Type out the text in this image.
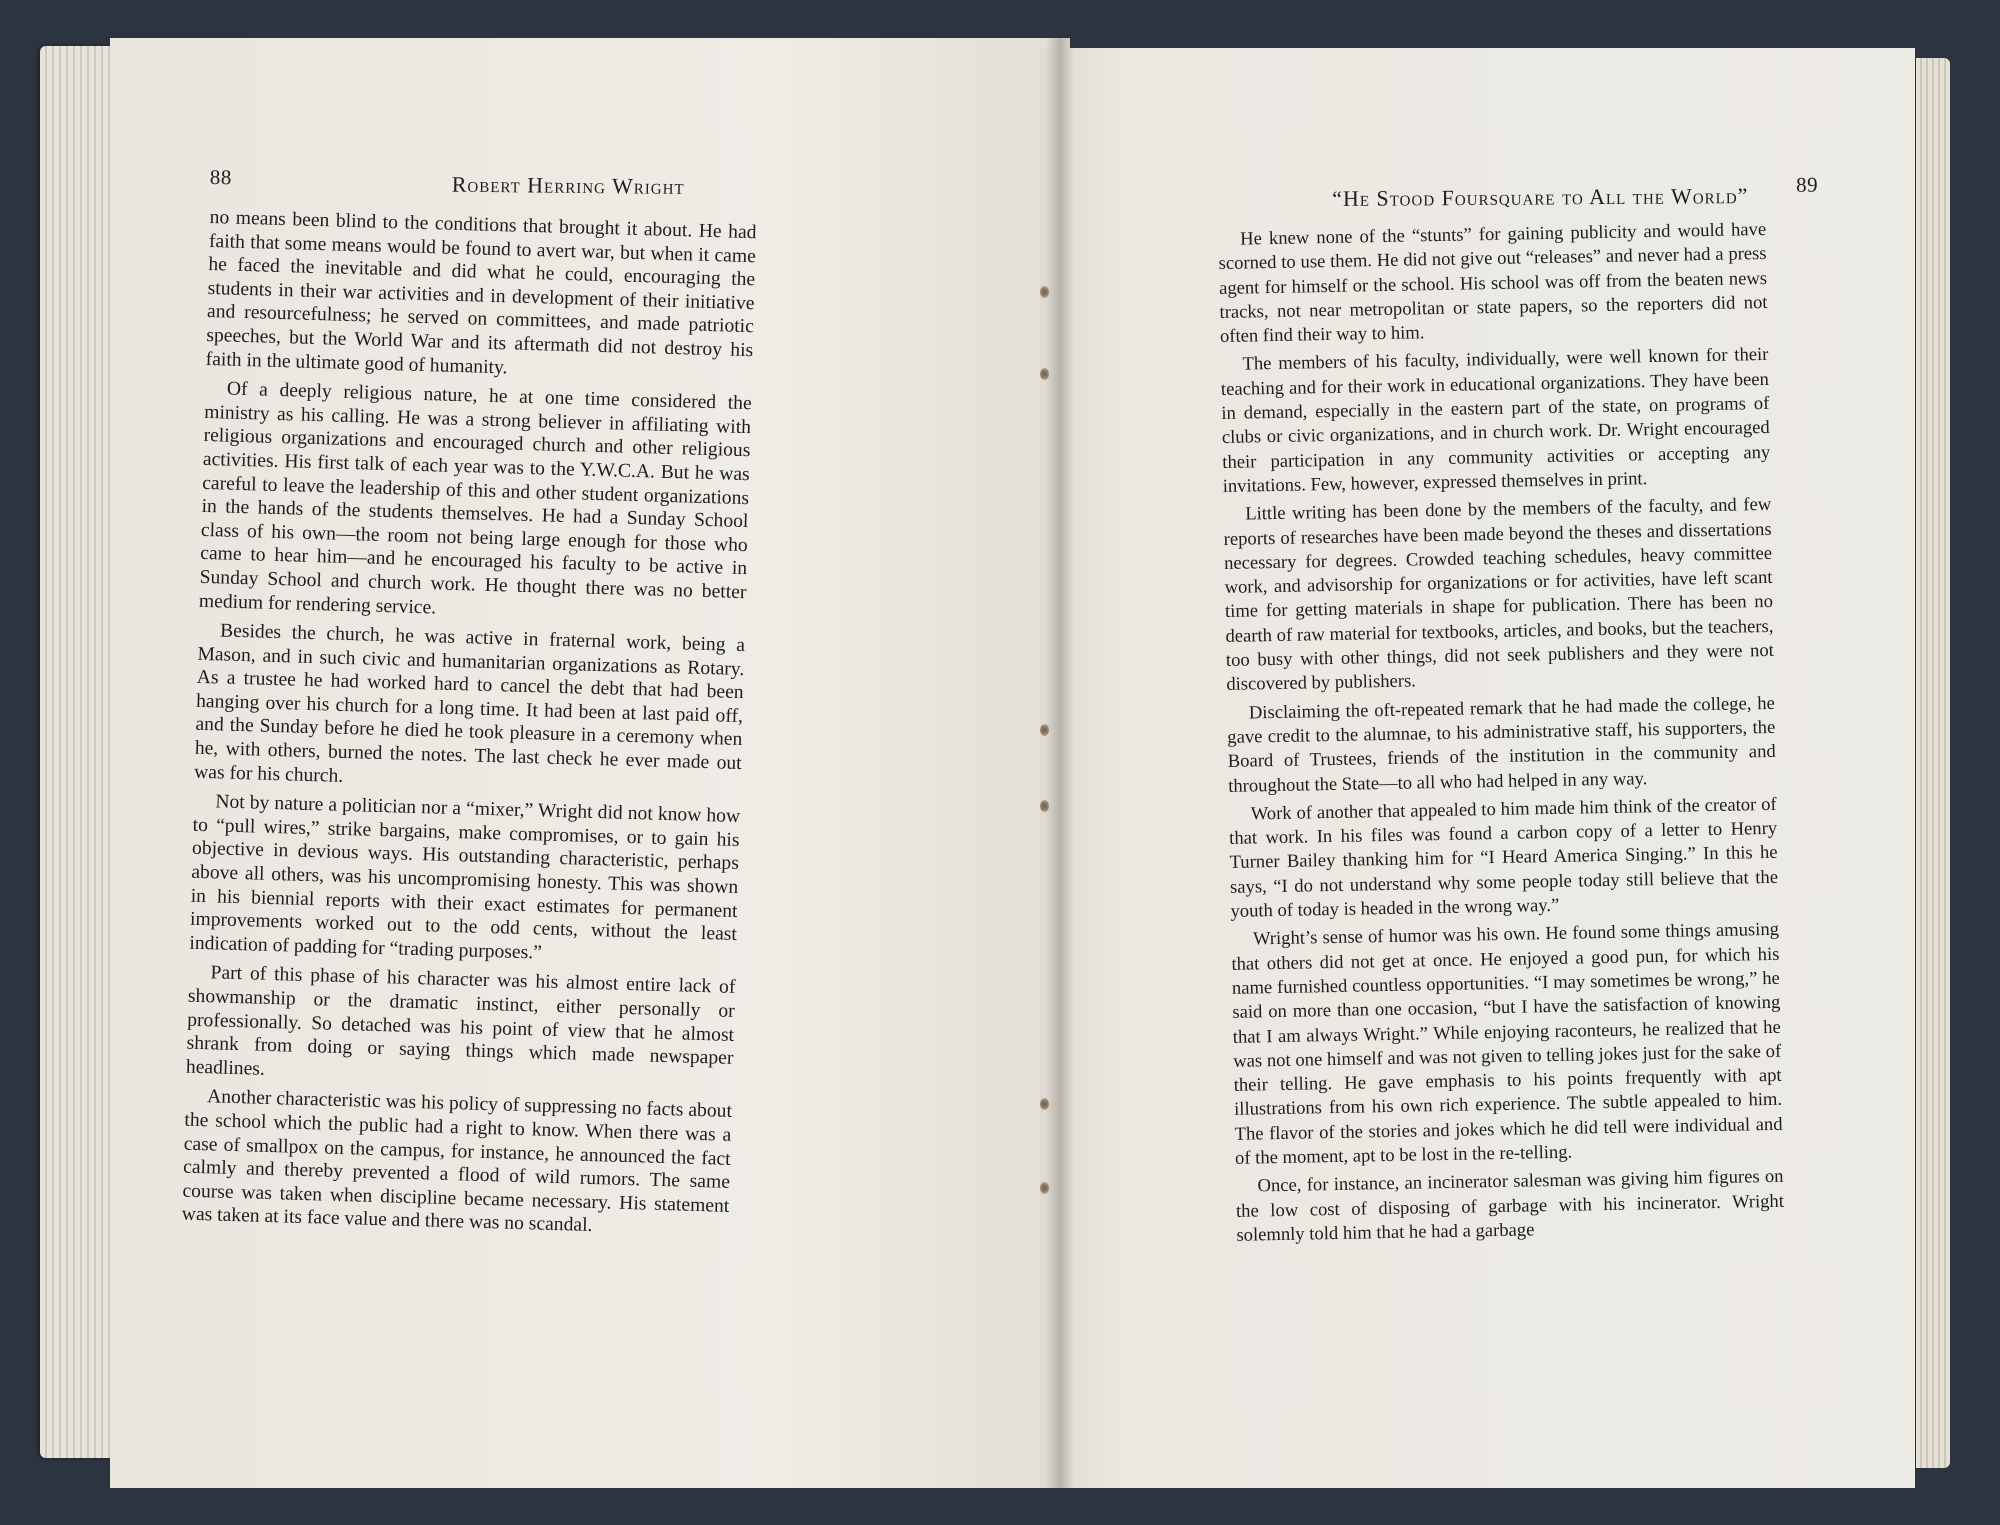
88	Robert Herring Wright

no means been blind to the conditions that brought it about. He had faith that some means would be found to avert war, but when it came he faced the inevitable and did what he could, encouraging the students in their war activities and in development of their initiative and resourcefulness; he served on committees, and made patriotic speeches, but the World War and its aftermath did not destroy his faith in the ultimate good of humanity.

Of a deeply religious nature, he at one time considered the ministry as his calling. He was a strong believer in affiliating with religious organizations and encouraged church and other religious activities. His first talk of each year was to the Y.W.C.A. But he was careful to leave the leadership of this and other student organizations in the hands of the students themselves. He had a Sunday School class of his own—the room not being large enough for those who came to hear him—and he encouraged his faculty to be active in Sunday School and church work. He thought there was no better medium for rendering service.

Besides the church, he was active in fraternal work, being a Mason, and in such civic and humanitarian organizations as Rotary. As a trustee he had worked hard to cancel the debt that had been hanging over his church for a long time. It had been at last paid off, and the Sunday before he died he took pleasure in a ceremony when he, with others, burned the notes. The last check he ever made out was for his church.

Not by nature a politician nor a “mixer,” Wright did not know how to “pull wires,” strike bargains, make compromises, or to gain his objective in devious ways. His outstanding characteristic, perhaps above all others, was his uncompromising honesty. This was shown in his biennial reports with their exact estimates for permanent improvements worked out to the odd cents, without the least indication of padding for “trading purposes.”

Part of this phase of his character was his almost entire lack of showmanship or the dramatic instinct, either personally or professionally. So detached was his point of view that he almost shrank from doing or saying things which made newspaper headlines.

Another characteristic was his policy of suppressing no facts about the school which the public had a right to know. When there was a case of smallpox on the campus, for instance, he announced the fact calmly and thereby prevented a flood of wild rumors. The same course was taken when discipline became necessary. His statement was taken at its face value and there was no scandal.

“He Stood Foursquare to All the World” 89

He knew none of the “stunts” for gaining publicity and would have scorned to use them. He did not give out “releases” and never had a press agent for himself or the school. His school was off from the beaten news tracks, not near metropolitan or state papers, so the reporters did not often find their way to him.

The members of his faculty, individually, were well known for their teaching and for their work in educational organizations. They have been in demand, especially in the eastern part of the state, on programs of clubs or civic organizations, and in church work. Dr. Wright encouraged their participation in any community activities or accepting any invitations. Few, however, expressed themselves in print.

Little writing has been done by the members of the faculty, and few reports of researches have been made beyond the theses and dissertations necessary for degrees. Crowded teaching schedules, heavy committee work, and advisorship for organizations or for activities, have left scant time for getting materials in shape for publication. There has been no dearth of raw material for textbooks, articles, and books, but the teachers, too busy with other things, did not seek publishers and they were not discovered by publishers.

Disclaiming the oft-repeated remark that he had made the college, he gave credit to the alumnae, to his administrative staff, his supporters, the Board of Trustees, friends of the institution in the community and throughout the State—to all who had helped in any way.

Work of another that appealed to him made him think of the creator of that work. In his files was found a carbon copy of a letter to Henry Turner Bailey thanking him for “I Heard America Singing.” In this he says, “I do not understand why some people today still believe that the youth of today is headed in the wrong way.”

Wright’s sense of humor was his own. He found some things amusing that others did not get at once. He enjoyed a good pun, for which his name furnished countless opportunities. “I may sometimes be wrong,” he said on more than one occasion, “but I have the satisfaction of knowing that I am always Wright.” While enjoying raconteurs, he realized that he was not one himself and was not given to telling jokes just for the sake of their telling. He gave emphasis to his points frequently with apt illustrations from his own rich experience. The subtle appealed to him. The flavor of the stories and jokes which he did tell were individual and of the moment, apt to be lost in the re-telling.

Once, for instance, an incinerator salesman was giving him figures on the low cost of disposing of garbage with his incinerator. Wright solemnly told him that he had a garbage
